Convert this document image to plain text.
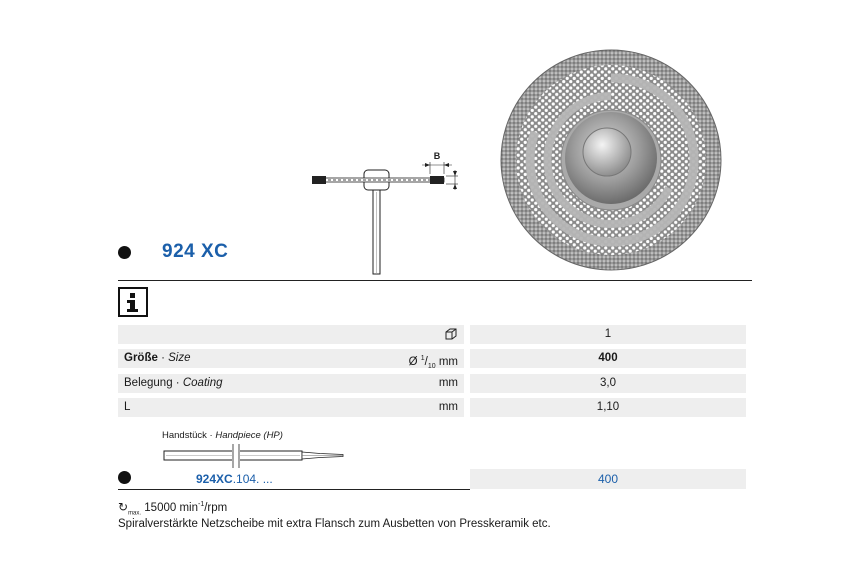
B
924 XC
1
Größe · Size	Ø $^1/_{10}$ mm	400
Belegung · Coating	mm	3,0
L	mm	1,10
Handstück · Handpiece (HP)
924XC.104. ...	400
$↻_{max.}$ 15000 $\min^{-1}$/rpm
Spiralverstärkte Netzscheibe mit extra Flansch zum Ausbetten von Presskeramik etc.
